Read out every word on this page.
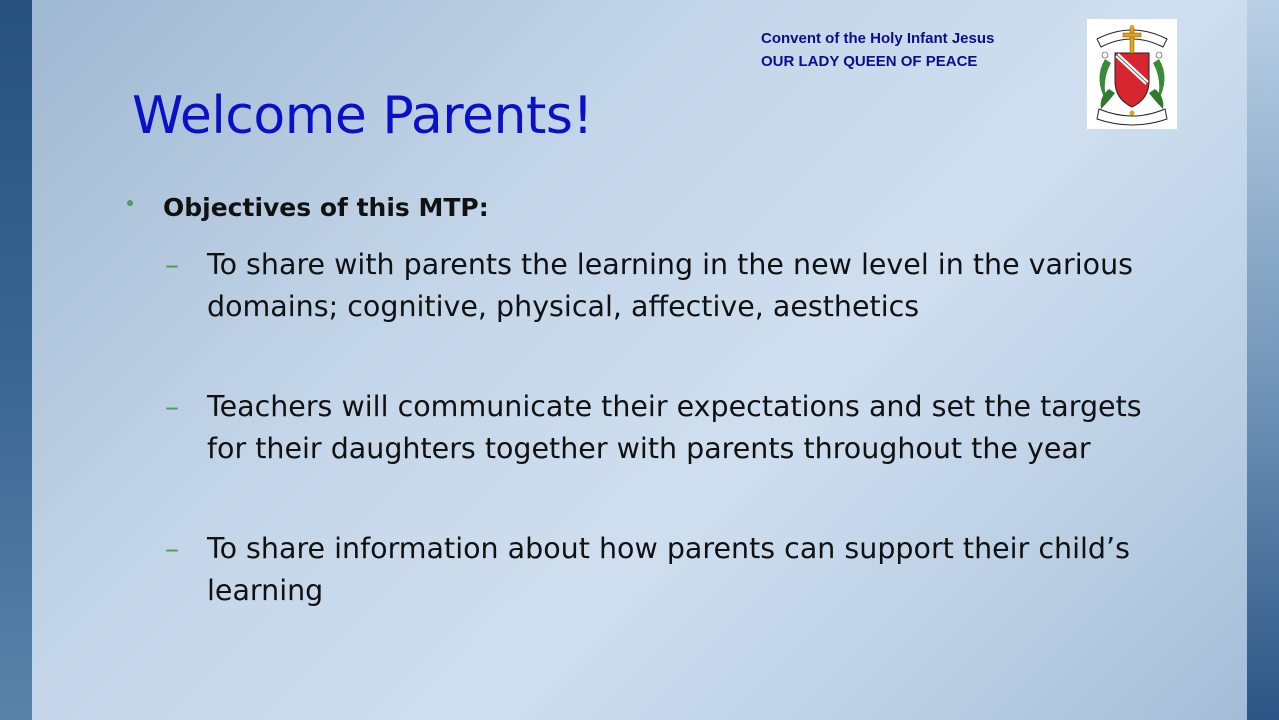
Convent of the Holy Infant Jesus
OUR LADY QUEEN OF PEACE
Welcome Parents!
Objectives of this MTP:
– To share with parents the learning in the new level in the various domains; cognitive, physical, affective, aesthetics
– Teachers will communicate their expectations and set the targets for their daughters together with parents throughout the year
– To share information about how parents can support their child’s learning
